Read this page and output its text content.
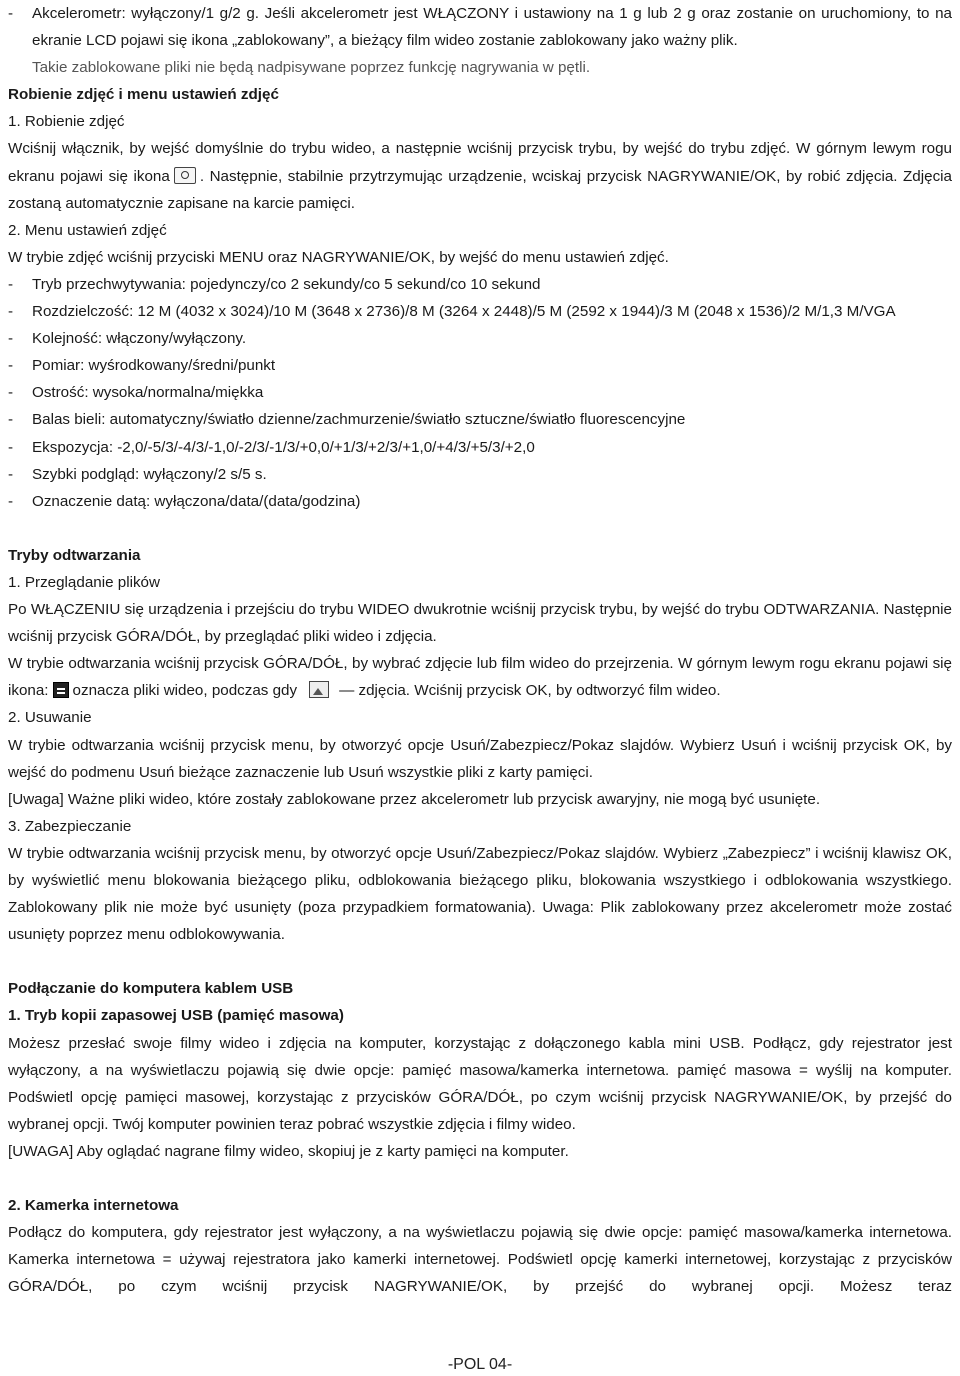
-	Akcelerometr: wyłączony/1 g/2 g. Jeśli akcelerometr jest WŁĄCZONY i ustawiony na 1 g lub 2 g oraz zostanie on uruchomiony, to na ekranie LCD pojawi się ikona „zablokowany”, a bieżący film wideo zostanie zablokowany jako ważny plik.

Takie zablokowane pliki nie będą nadpisywane poprzez funkcję nagrywania w pętli.

Robienie zdjęć i menu ustawień zdjęć

1. Robienie zdjęć

Wciśnij włącznik, by wejść domyślnie do trybu wideo, a następnie wciśnij przycisk trybu, by wejść do trybu zdjęć. W górnym lewym rogu ekranu pojawi się ikona . Następnie, stabilnie przytrzymując urządzenie, wciskaj przycisk NAGRYWANIE/OK, by robić zdjęcia. Zdjęcia zostaną automatycznie zapisane na karcie pamięci.

2. Menu ustawień zdjęć

W trybie zdjęć wciśnij przyciski MENU oraz NAGRYWANIE/OK, by wejść do menu ustawień zdjęć.

-	Tryb przechwytywania: pojedynczy/co 2 sekundy/co 5 sekund/co 10 sekund
-	Rozdzielczość: 12 M (4032 x 3024)/10 M (3648 x 2736)/8 M (3264 x 2448)/5 M (2592 x 1944)/3 M (2048 x 1536)/2 M/1,3 M/VGA

-	Kolejność: włączony/wyłączony.
-	Pomiar: wyśrodkowany/średni/punkt
-	Ostrość: wysoka/normalna/miękka
-	Balas bieli: automatyczny/światło dzienne/zachmurzenie/światło sztuczne/światło fluorescencyjne
-	Ekspozycja: -2,0/-5/3/-4/3/-1,0/-2/3/-1/3/+0,0/+1/3/+2/3/+1,0/+4/3/+5/3/+2,0
-	Szybki podgląd: wyłączony/2 s/5 s.
-	Oznaczenie datą: wyłączona/data/(data/godzina)
Tryby odtwarzania

1. Przeglądanie plików

Po WŁĄCZENIU się urządzenia i przejściu do trybu WIDEO dwukrotnie wciśnij przycisk trybu, by wejść do trybu ODTWARZANIA. Następnie wciśnij przycisk GÓRA/DÓŁ, by przeglądać pliki wideo i zdjęcia.

W trybie odtwarzania wciśnij przycisk GÓRA/DÓŁ, by wybrać zdjęcie lub film wideo do przejrzenia. W górnym lewym rogu ekranu pojawi się ikona: oznacza pliki wideo, podczas gdy	— zdjęcia. Wciśnij przycisk OK, by odtworzyć film wideo.

2. Usuwanie

W trybie odtwarzania wciśnij przycisk menu, by otworzyć opcje Usuń/Zabezpiecz/Pokaz slajdów. Wybierz Usuń i wciśnij przycisk OK, by wejść do podmenu Usuń bieżące zaznaczenie lub Usuń wszystkie pliki z karty pamięci.

[Uwaga] Ważne pliki wideo, które zostały zablokowane przez akcelerometr lub przycisk awaryjny, nie mogą być usunięte.

3. Zabezpieczanie

W trybie odtwarzania wciśnij przycisk menu, by otworzyć opcje Usuń/Zabezpiecz/Pokaz slajdów. Wybierz „Zabezpiecz” i wciśnij klawisz OK, by wyświetlić menu blokowania bieżącego pliku, odblokowania bieżącego pliku, blokowania wszystkiego i odblokowania wszystkiego. Zablokowany plik nie może być usunięty (poza przypadkiem formatowania). Uwaga: Plik zablokowany przez akcelerometr może zostać usunięty poprzez menu odblokowywania.

Podłączanie do komputera kablem USB
1. Tryb kopii zapasowej USB (pamięć masowa)

Możesz przesłać swoje filmy wideo i zdjęcia na komputer, korzystając z dołączonego kabla mini USB. Podłącz, gdy rejestrator jest wyłączony, a na wyświetlaczu pojawią się dwie opcje: pamięć masowa/kamerka internetowa. pamięć masowa = wyśliј na komputer. Podświetl opcję pamięci masowej, korzystając z przycisków GÓRA/DÓŁ, po czym wciśnij przycisk NAGRYWANIE/OK, by przejść do wybranej opcji. Twój komputer powinien teraz pobrać wszystkie zdjęcia i filmy wideo.

[UWAGA] Aby oglądać nagrane filmy wideo, skopiuj je z karty pamięci na komputer.

2. Kamerka internetowa

Podłącz do komputera, gdy rejestrator jest wyłączony, a na wyświetlaczu pojawią się dwie opcje: pamięć masowa/kamerka internetowa. Kamerka internetowa = używaj rejestratora jako kamerki internetowej. Podświetl opcję kamerki internetowej, korzystając z przycisków GÓRA/DÓŁ, po czym wciśnij przycisk NAGRYWANIE/OK, by przejść do wybranej opcji. Możesz teraz

-POL 04-
